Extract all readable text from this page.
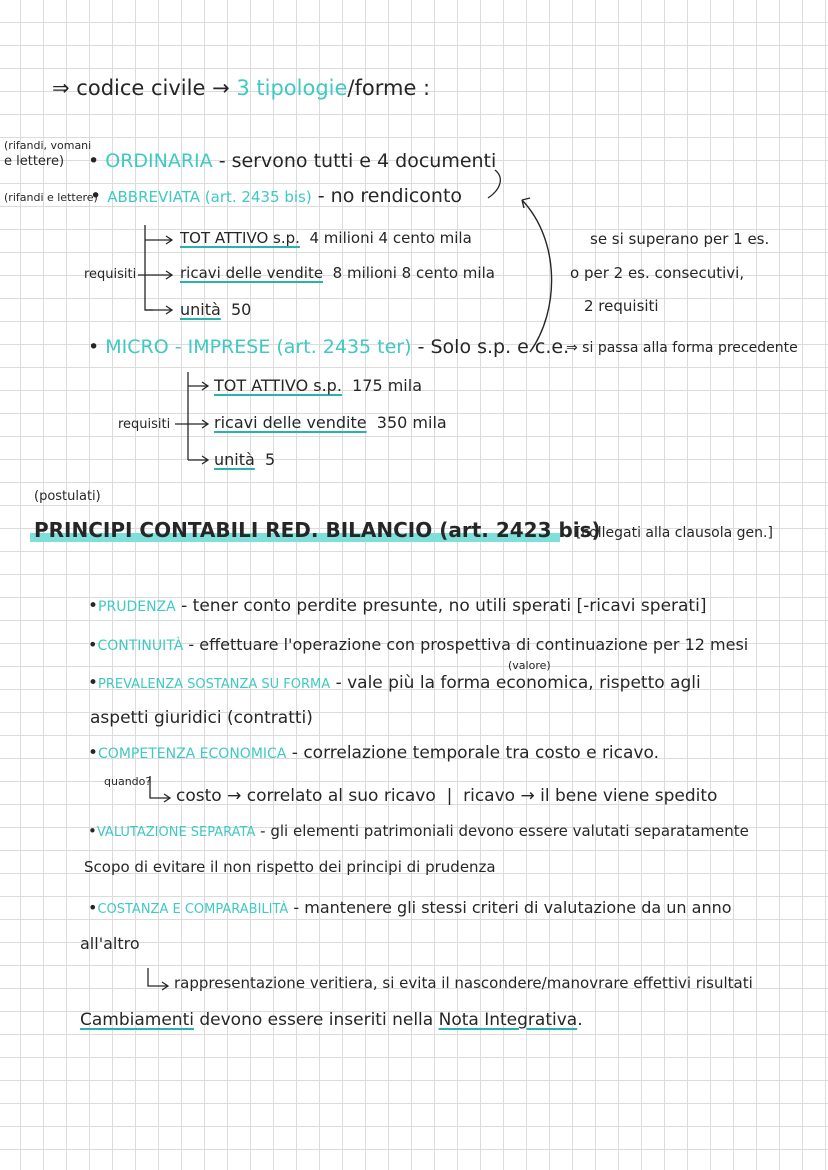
⇒ codice civile → 3 tipologie/forme :
(rifandi, vomani
e lettere) • ORDINARIA - servono tutti e 4 documenti
(rifandi e lettere)
• ABBREVIATA (art. 2435 bis) - no rendiconto
requisiti
TOT ATTIVO s.p. 4 milioni 4 cento mila
ricavi delle vendite 8 milioni 8 cento mila
unità 50
• MICRO - IMPRESE (art. 2435 ter) - Solo s.p. e c.e.
requisiti
TOT ATTIVO s.p. 175 mila
ricavi delle vendite 350 mila
unità 5
se si superano per 1 es.
o per 2 es. consecutivi,
2 requisiti
⇒ si passa alla forma precedente
(postulati)
PRINCIPI CONTABILI RED. BILANCIO (art. 2423 bis)
[collegati alla clausola gen.]
•PRUDENZA - tener conto perdite presunte, no utili sperati [-ricavi sperati]
•CONTINUITÀ - effettuare l'operazione con prospettiva di continuazione per 12 mesi
(valore)
•PREVALENZA SOSTANZA SU FORMA - vale più la forma economica, rispetto agli
aspetti giuridici (contratti)
•COMPETENZA ECONOMICA - correlazione temporale tra costo e ricavo.
quando?
costo → correlato al suo ricavo | ricavo → il bene viene spedito
•VALUTAZIONE SEPARATA - gli elementi patrimoniali devono essere valutati separatamente
Scopo di evitare il non rispetto dei principi di prudenza
•COSTANZA E COMPARABILITÀ - mantenere gli stessi criteri di valutazione da un anno
all'altro
rappresentazione veritiera, si evita il nascondere/manovrare effettivi risultati
Cambiamenti devono essere inseriti nella Nota Integrativa.
